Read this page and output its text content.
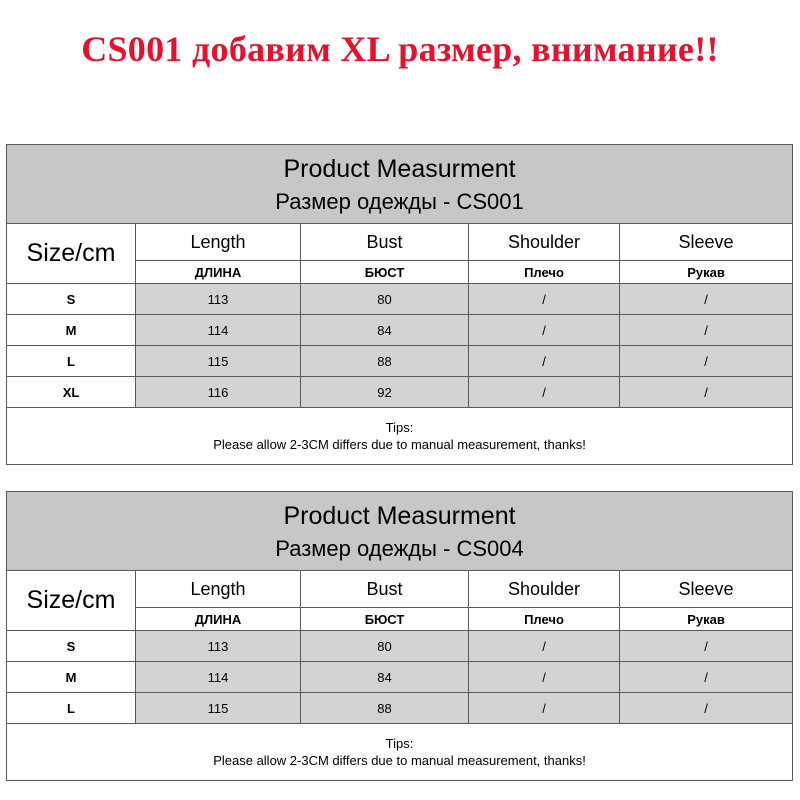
CS001 добавим XL размер, внимание!!
Product Measurment
Размер одежды - CS001				

Size/cm	Length	Bust	Shoulder	Sleeve
	ДЛИНА	БЮСТ	Плечо	Рукав
S	113	80	/	/
M	114	84	/	/
L	115	88	/	/
XL	116	92	/	/

Tips:
Please allow 2-3CM differs due to manual measurement, thanks!				
Product Measurment
Размер одежды - CS004				

Size/cm	Length	Bust	Shoulder	Sleeve
	ДЛИНА	БЮСТ	Плечо	Рукав
S	113	80	/	/
M	114	84	/	/
L	115	88	/	/

Tips:
Please allow 2-3CM differs due to manual measurement, thanks!				
